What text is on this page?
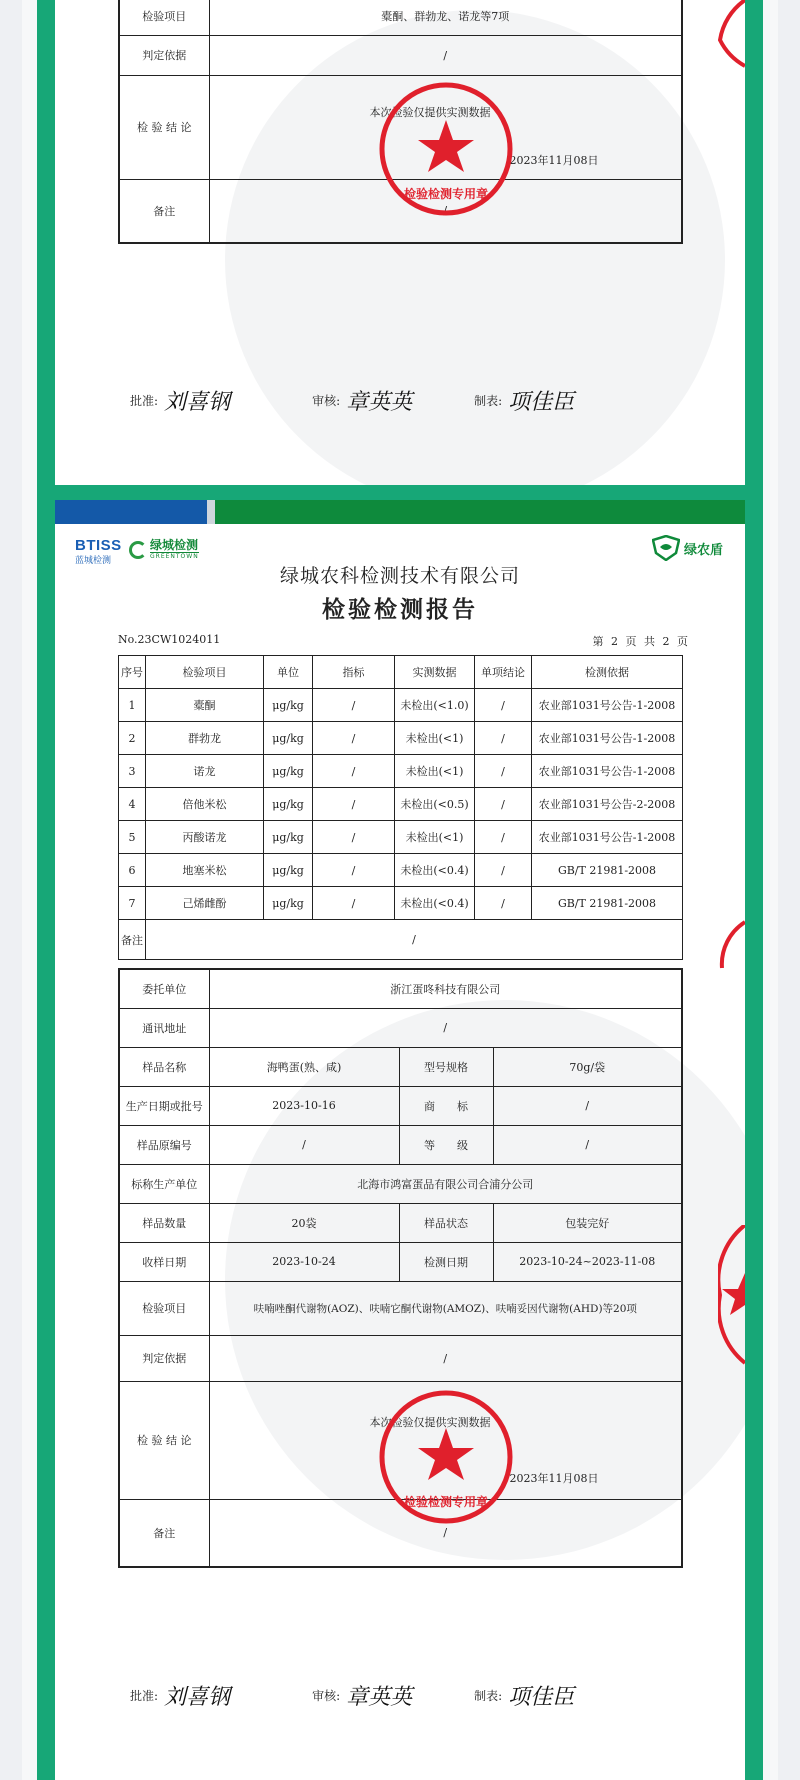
检验项目	橐酮、群勃龙、诺龙等7项
判定依据	/
检 验 结 论	本次检验仅提供实测数据
2023年11月08日

备注	/
检验检测专用章
批准: 刘喜钢	审核: 章英英	制表: 项佳臣
BTISS
蓝城检测
绿城检测
GREENTOWN	绿农盾
绿城农科检测技术有限公司
检验检测报告
No.23CW1024011	第 2 页 共 2 页
序号	检验项目	单位	指标	实测数据	单项结论	检测依据
1	橐酮	μg/kg	/	未检出(<1.0)	/	农业部1031号公告-1-2008
2	群勃龙	μg/kg	/	未检出(<1)	/	农业部1031号公告-1-2008
3	诺龙	μg/kg	/	未检出(<1)	/	农业部1031号公告-1-2008
4	倍他米松	μg/kg	/	未检出(<0.5)	/	农业部1031号公告-2-2008
5	丙酸诺龙	μg/kg	/	未检出(<1)	/	农业部1031号公告-1-2008
6	地塞米松	μg/kg	/	未检出(<0.4)	/	GB/T 21981-2008
7	己烯雌酚	μg/kg	/	未检出(<0.4)	/	GB/T 21981-2008
备注	/					
委托单位	浙江蛋咚科技有限公司		
通讯地址	/		
样品名称	海鸭蛋(熟、咸)	型号规格	70g/袋
生产日期或批号	2023-10-16	商　　标	/
样品原编号	/	等　　级	/
标称生产单位	北海市鸿富蛋品有限公司合浦分公司		
样品数量	20袋	样品状态	包装完好
收样日期	2023-10-24	检测日期	2023-10-24~2023-11-08
检验项目	呋喃唑酮代谢物(AOZ)、呋喃它酮代谢物(AMOZ)、呋喃妥因代谢物(AHD)等20项		
判定依据	/		
检 验 结 论	本次检验仅提供实测数据
2023年11月08日		

备注	/		
检验检测专用章
批准: 刘喜钢	审核: 章英英	制表: 项佳臣
